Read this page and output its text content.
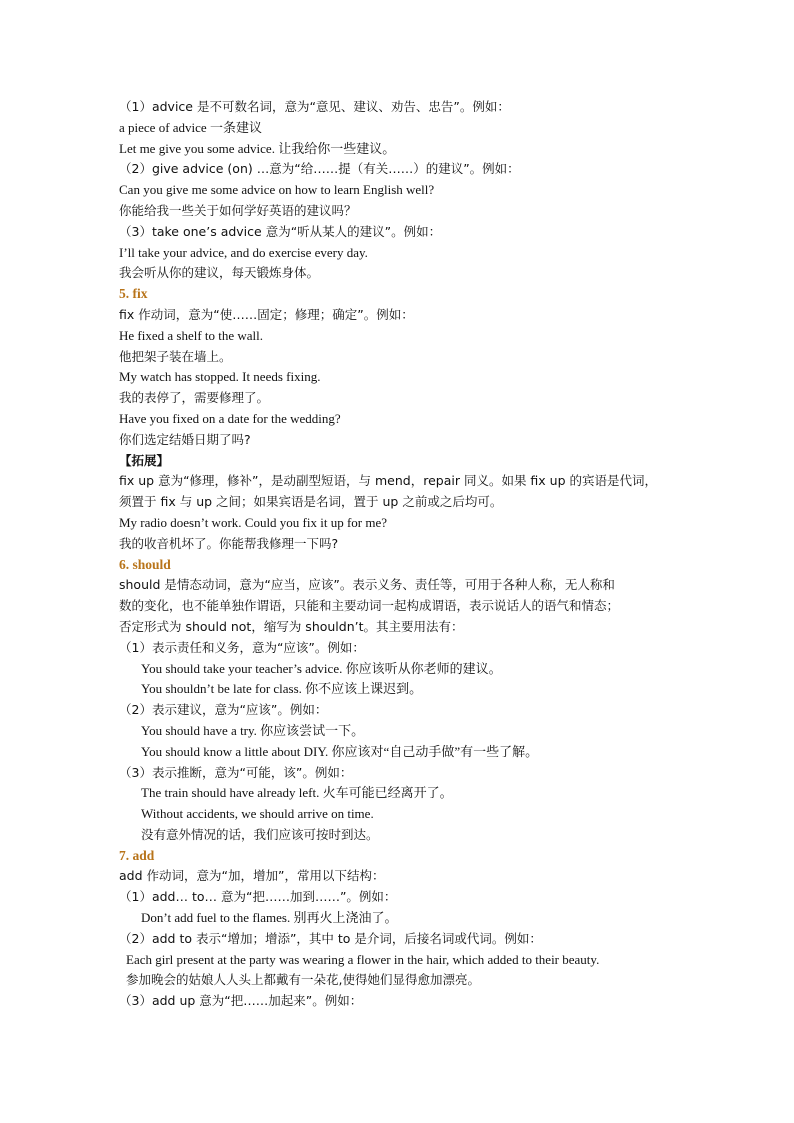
（1）advice 是不可数名词，意为“意见、建议、劝告、忠告”。例如：
a piece of advice 一条建议
Let me give you some advice. 让我给你一些建议。
（2）give advice (on) …意为“给……提（有关……）的建议”。例如：
Can you give me some advice on how to learn English well?
你能给我一些关于如何学好英语的建议吗？
（3）take one’s advice 意为“听从某人的建议”。例如：
I’ll take your advice, and do exercise every day.
我会听从你的建议，每天锻炼身体。
5. fix
fix 作动词，意为“使……固定；修理；确定”。例如：
He fixed a shelf to the wall.
他把架子装在墙上。
My watch has stopped. It needs fixing.
我的表停了，需要修理了。
Have you fixed on a date for the wedding?
你们选定结婚日期了吗?
【拓展】
fix up 意为“修理，修补”，是动副型短语，与 mend，repair 同义。如果 fix up 的宾语是代词，
须置于 fix 与 up 之间；如果宾语是名词，置于 up 之前或之后均可。
My radio doesn’t work. Could you fix it up for me?
我的收音机坏了。你能帮我修理一下吗?
6. should
should 是情态动词，意为“应当，应该”。表示义务、责任等，可用于各种人称，无人称和
数的变化，也不能单独作谓语，只能和主要动词一起构成谓语，表示说话人的语气和情态；
否定形式为 should not，缩写为 shouldn’t。其主要用法有：
（1）表示责任和义务，意为“应该”。例如：
You should take your teacher’s advice. 你应该听从你老师的建议。
You shouldn’t be late for class. 你不应该上课迟到。
（2）表示建议，意为“应该”。例如：
You should have a try. 你应该尝试一下。
You should know a little about DIY. 你应该对“自己动手做”有一些了解。
（3）表示推断，意为“可能，该”。例如：
The train should have already left. 火车可能已经离开了。
Without accidents, we should arrive on time.
没有意外情况的话，我们应该可按时到达。
7. add
add 作动词，意为“加，增加”，常用以下结构：
（1）add… to… 意为“把……加到……”。例如：
Don’t add fuel to the flames. 别再火上浇油了。
（2）add to 表示“增加；增添”，其中 to 是介词，后接名词或代词。例如：
Each girl present at the party was wearing a flower in the hair, which added to their beauty.
参加晚会的姑娘人人头上都戴有一朵花,使得她们显得愈加漂亮。
（3）add up 意为“把……加起来”。例如：
